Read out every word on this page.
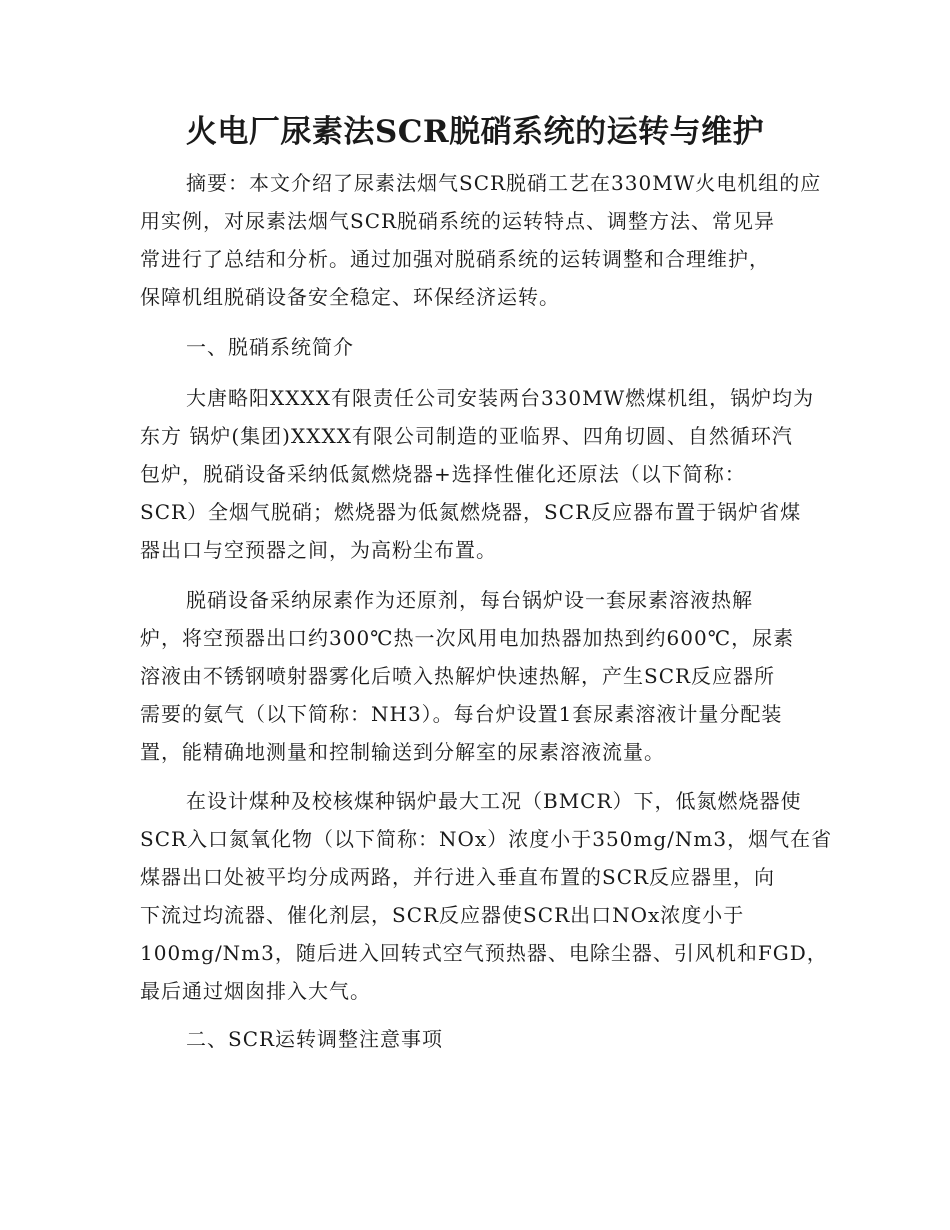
火电厂尿素法SCR脱硝系统的运转与维护
摘要：本文介绍了尿素法烟气SCR脱硝工艺在330MW火电机组的应
用实例，对尿素法烟气SCR脱硝系统的运转特点、调整方法、常见异
常进行了总结和分析。通过加强对脱硝系统的运转调整和合理维护，
保障机组脱硝设备安全稳定、环保经济运转。
一、脱硝系统简介
大唐略阳XXXX有限责任公司安装两台330MW燃煤机组，锅炉均为
东方 锅炉(集团)XXXX有限公司制造的亚临界、四角切圆、自然循环汽
包炉，脱硝设备采纳低氮燃烧器+选择性催化还原法（以下简称：
SCR）全烟气脱硝；燃烧器为低氮燃烧器，SCR反应器布置于锅炉省煤
器出口与空预器之间，为高粉尘布置。
脱硝设备采纳尿素作为还原剂，每台锅炉设一套尿素溶液热解
炉，将空预器出口约300℃热一次风用电加热器加热到约600℃，尿素
溶液由不锈钢喷射器雾化后喷入热解炉快速热解，产生SCR反应器所
需要的氨气（以下简称：NH3）。每台炉设置1套尿素溶液计量分配装
置，能精确地测量和控制输送到分解室的尿素溶液流量。
在设计煤种及校核煤种锅炉最大工况（BMCR）下，低氮燃烧器使
SCR入口氮氧化物（以下简称：NOx）浓度小于350mg/Nm3，烟气在省
煤器出口处被平均分成两路，并行进入垂直布置的SCR反应器里，向
下流过均流器、催化剂层，SCR反应器使SCR出口NOx浓度小于
100mg/Nm3，随后进入回转式空气预热器、电除尘器、引风机和FGD，
最后通过烟囱排入大气。
二、SCR运转调整注意事项
